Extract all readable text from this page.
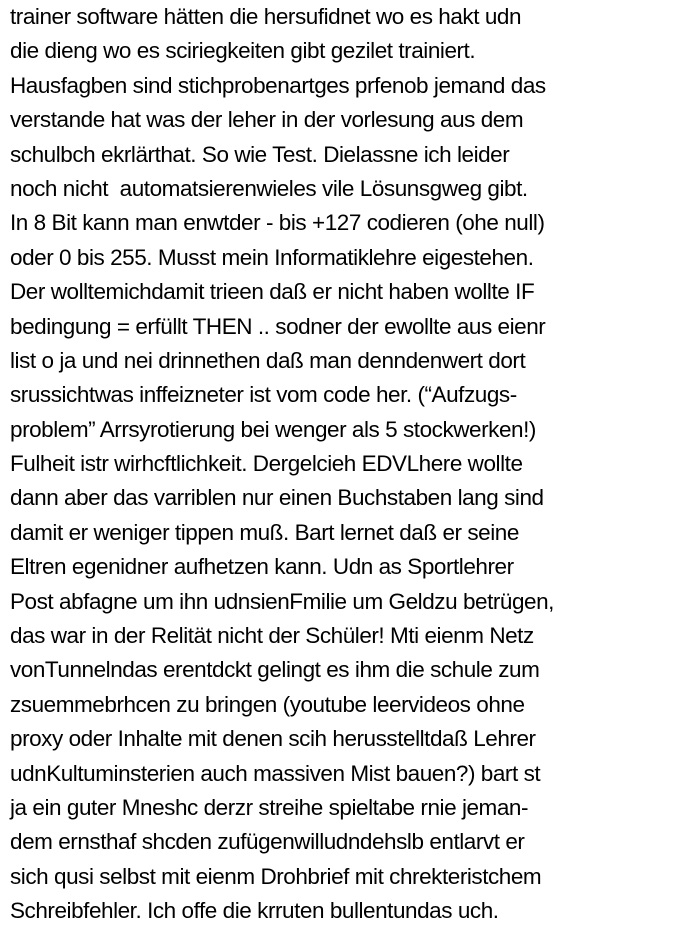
trainer software hätten die hersufidnet wo es hakt udn
die dieng wo es sciriegkeiten gibt gezilet trainiert.
Hausfagben sind stichprobenartges prfenob jemand das
verstande hat was der leher in der vorlesung aus dem
schulbch ekrlärthat. So wie Test. Dielassne ich leider
noch nicht  automatsierenwieles vile Lösunsgweg gibt.
In 8 Bit kann man enwtder - bis +127 codieren (ohe null)
oder 0 bis 255. Musst mein Informatiklehre eigestehen.
Der wolltemichdamit trieen daß er nicht haben wollte IF
bedingung = erfüllt THEN .. sodner der ewollte aus eienr
list o ja und nei drinnethen daß man denndenwert dort
srussichtwas inffeizneter ist vom code her. (“Aufzugs-
problem” Arrsyrotierung bei wenger als 5 stockwerken!)
Fulheit istr wirhcftlichkeit. Dergelcieh EDVLhere wollte
dann aber das varriblen nur einen Buchstaben lang sind
damit er weniger tippen muß. Bart lernet daß er seine
Eltren egenidner aufhetzen kann. Udn as Sportlehrer
Post abfagne um ihn udnsienFmilie um Geldzu betrügen,
das war in der Relität nicht der Schüler! Mti eienm Netz
vonTunnelndas erentdckt gelingt es ihm die schule zum
zsuemmebrhcen zu bringen (youtube leervideos ohne
proxy oder Inhalte mit denen scih herusstelltdaß Lehrer
udnKultuminsterien auch massiven Mist bauen?) bart st
ja ein guter Mneshc derzr streihe spieltabe rnie jeman-
dem ernsthaf shcden zufügenwilludndehslb entlarvt er
sich qusi selbst mit eienm Drohbrief mit chrekteristchem
Schreibfehler. Ich offe die krruten bullentundas uch.
